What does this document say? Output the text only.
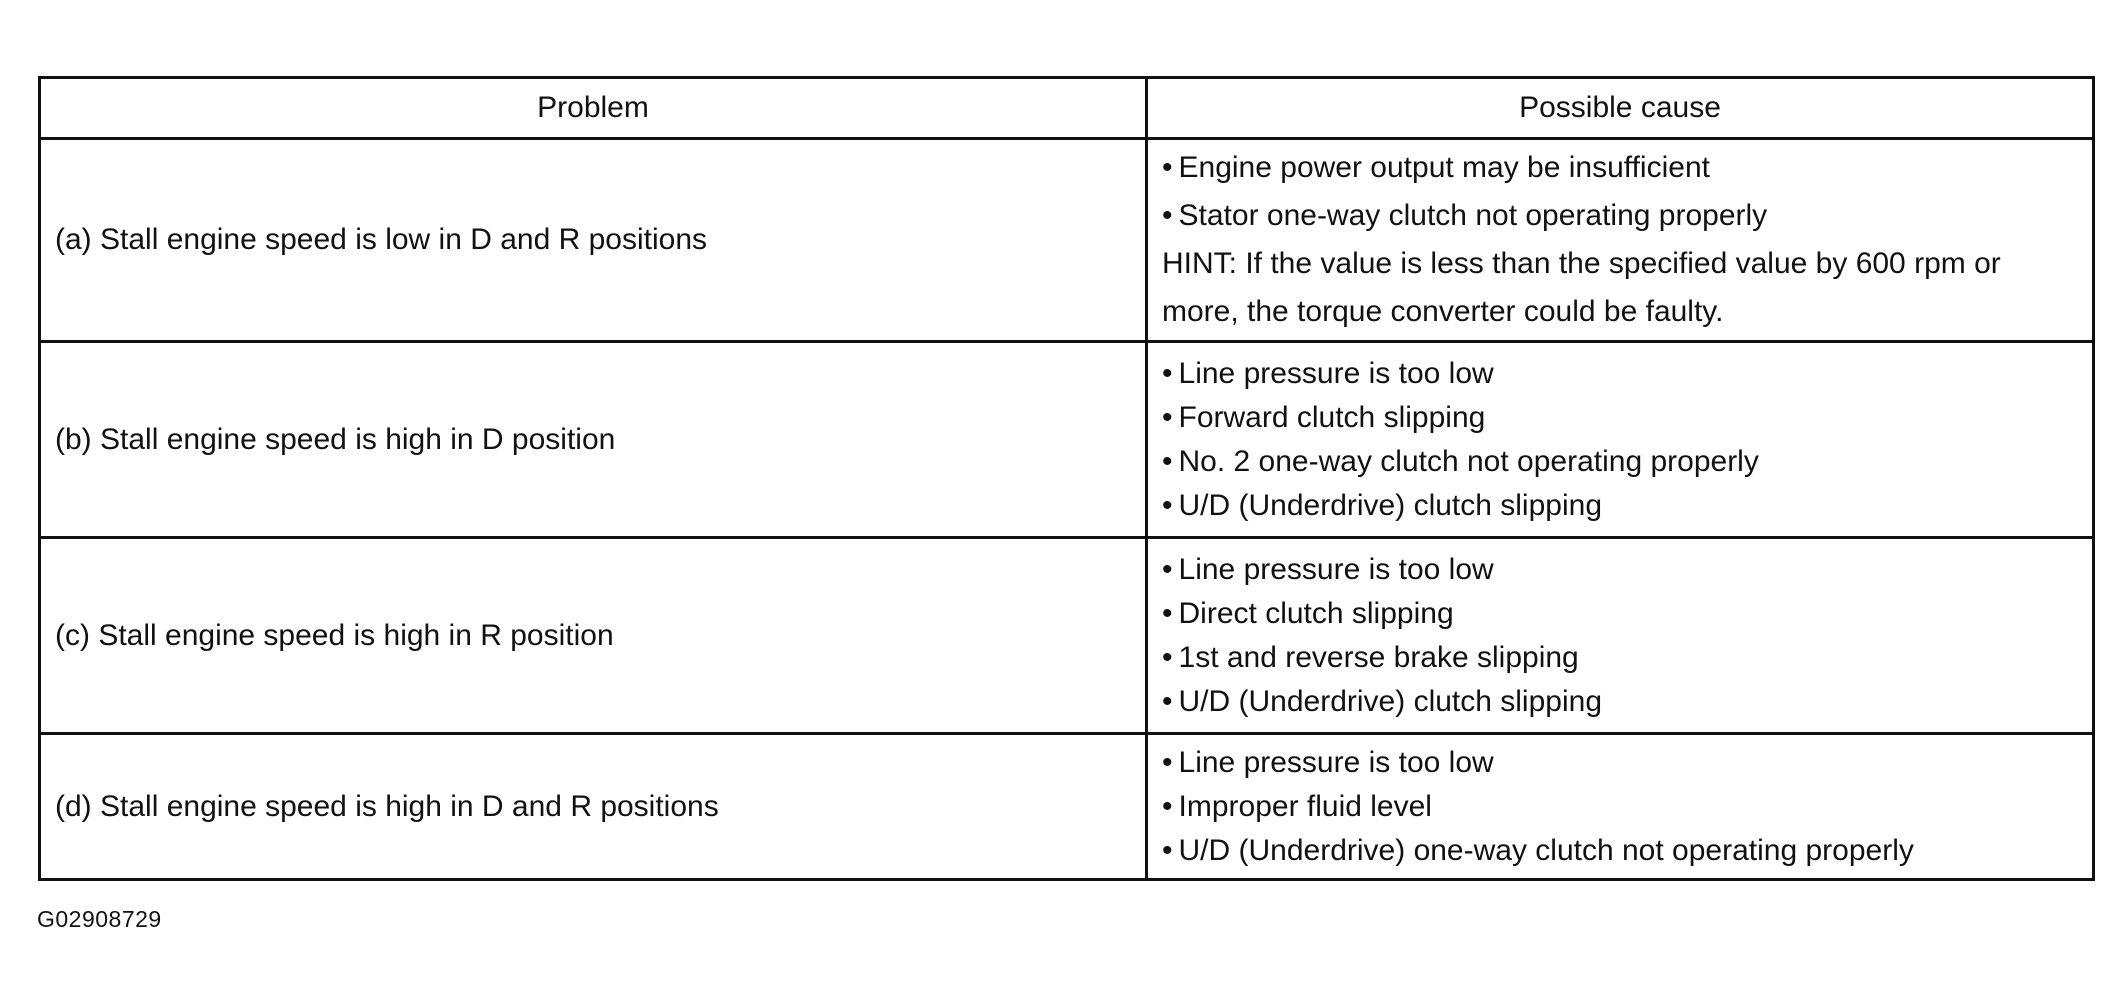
Problem	Possible cause
(a) Stall engine speed is low in D and R positions	• Engine power output may be insufficient
• Stator one-way clutch not operating properly
HINT: If the value is less than the specified value by 600 rpm or
more, the torque converter could be faulty.

(b) Stall engine speed is high in D position	• Line pressure is too low
• Forward clutch slipping
• No. 2 one-way clutch not operating properly
• U/D (Underdrive) clutch slipping

(c) Stall engine speed is high in R position	• Line pressure is too low
• Direct clutch slipping
• 1st and reverse brake slipping
• U/D (Underdrive) clutch slipping

(d) Stall engine speed is high in D and R positions	• Line pressure is too low
• Improper fluid level
• U/D (Underdrive) one-way clutch not operating properly
G02908729
